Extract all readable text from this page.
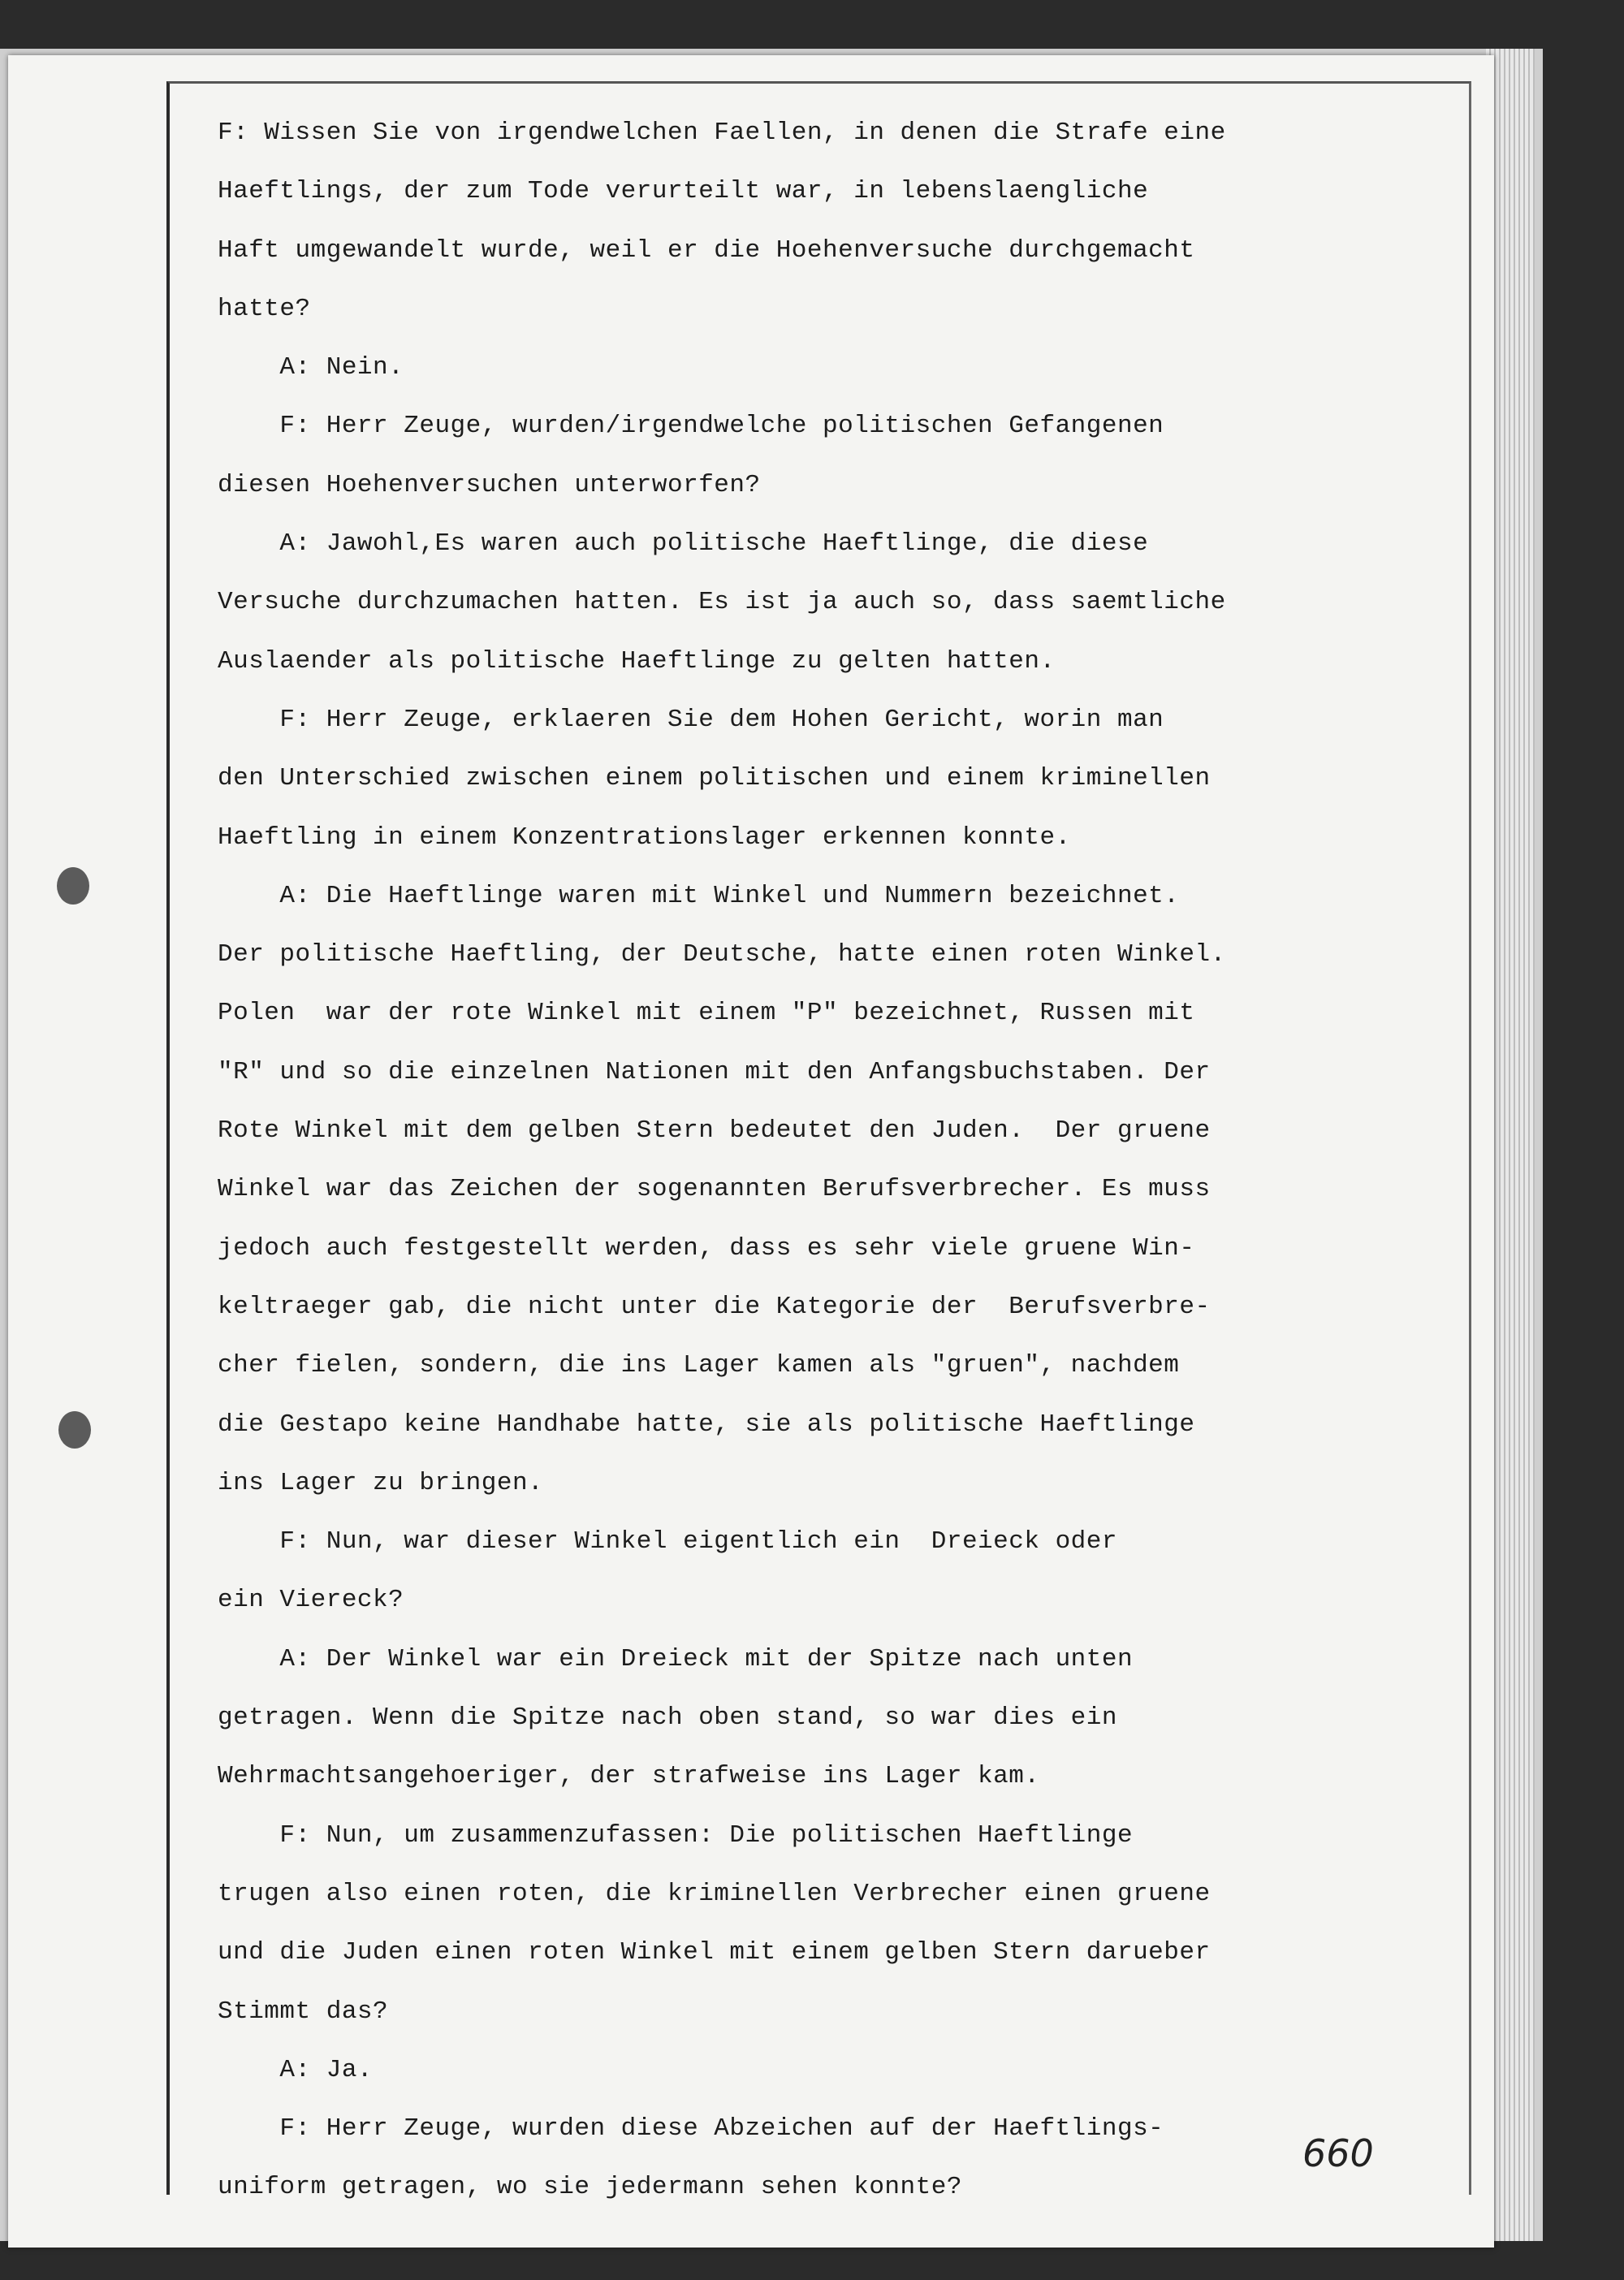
F: Wissen Sie von irgendwelchen Faellen, in denen die Strafe eine
Haeftlings, der zum Tode verurteilt war, in lebenslaengliche
Haft umgewandelt wurde, weil er die Hoehenversuche durchgemacht
hatte?
A: Nein.
F: Herr Zeuge, wurden/irgendwelche politischen Gefangenen
diesen Hoehenversuchen unterworfen?
A: Jawohl,Es waren auch politische Haeftlinge, die diese
Versuche durchzumachen hatten. Es ist ja auch so, dass saemtliche
Auslaender als politische Haeftlinge zu gelten hatten.
F: Herr Zeuge, erklaeren Sie dem Hohen Gericht, worin man
den Unterschied zwischen einem politischen und einem kriminellen
Haeftling in einem Konzentrationslager erkennen konnte.
A: Die Haeftlinge waren mit Winkel und Nummern bezeichnet.
Der politische Haeftling, der Deutsche, hatte einen roten Winkel.
Polen  war der rote Winkel mit einem "P" bezeichnet, Russen mit
"R" und so die einzelnen Nationen mit den Anfangsbuchstaben. Der
Rote Winkel mit dem gelben Stern bedeutet den Juden.  Der gruene
Winkel war das Zeichen der sogenannten Berufsverbrecher. Es muss
jedoch auch festgestellt werden, dass es sehr viele gruene Win-
keltraeger gab, die nicht unter die Kategorie der  Berufsverbre-
cher fielen, sondern, die ins Lager kamen als "gruen", nachdem
die Gestapo keine Handhabe hatte, sie als politische Haeftlinge
ins Lager zu bringen.
F: Nun, war dieser Winkel eigentlich ein  Dreieck oder
ein Viereck?
A: Der Winkel war ein Dreieck mit der Spitze nach unten
getragen. Wenn die Spitze nach oben stand, so war dies ein
Wehrmachtsangehoeriger, der strafweise ins Lager kam.
F: Nun, um zusammenzufassen: Die politischen Haeftlinge
trugen also einen roten, die kriminellen Verbrecher einen gruene
und die Juden einen roten Winkel mit einem gelben Stern darueber
Stimmt das?
A: Ja.
F: Herr Zeuge, wurden diese Abzeichen auf der Haeftlings-
uniform getragen, wo sie jedermann sehen konnte?
660
